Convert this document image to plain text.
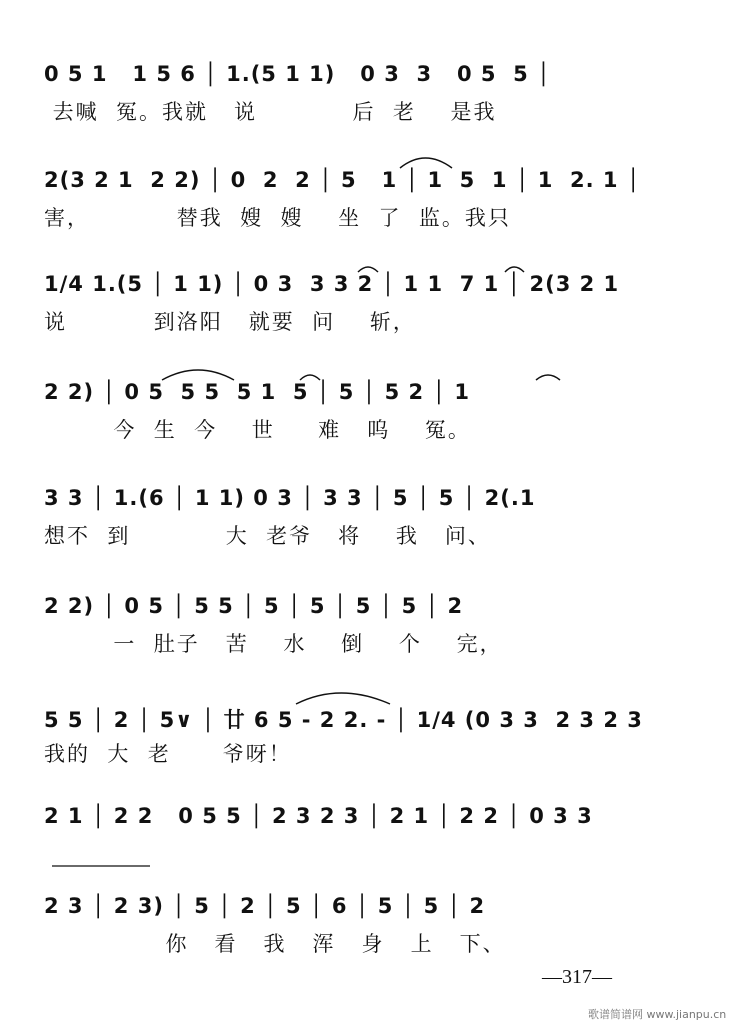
0 5 1   1 5 6 │ 1.(5 1 1)   0 3  3   0 5  5 │
去喊  冤。我就   说           后  老    是我
2(3 2 1  2 2) │ 0  2  2 │ 5   1 │ 1  5  1 │ 1  2. 1 │
害，          替我  嫂  嫂    坐  了  监。我只
1/4 1.(5 │ 1 1) │ 0 3  3 3 2 │ 1 1  7 1 │ 2(3 2 1
说          到洛阳   就要  问    斩，
2 2) │ 0 5  5 5  5 1  5 │ 5 │ 5 2 │ 1
今  生  今    世     难   呜    冤。
3 3 │ 1.(6 │ 1 1) 0 3 │ 3 3 │ 5 │ 5 │ 2(.1
想不  到           大  老爷   将    我   问、
2 2) │ 0 5 │ 5 5 │ 5 │ 5 │ 5 │ 5 │ 2
一  肚子   苦    水    倒    个    完，
5 5 │ 2 │ 5∨ │ 廿 6 5 - 2 2. - │ 1/4 (0 3 3  2 3 2 3
我的  大  老      爷呀！
2 1 │ 2 2   0 5 5 │ 2 3 2 3 │ 2 1 │ 2 2 │ 0 3 3
2 3 │ 2 3) │ 5 │ 2 │ 5 │ 6 │ 5 │ 5 │ 2
你   看   我   浑   身   上   下、
—317—
歌谱简谱网 www.jianpu.cn
